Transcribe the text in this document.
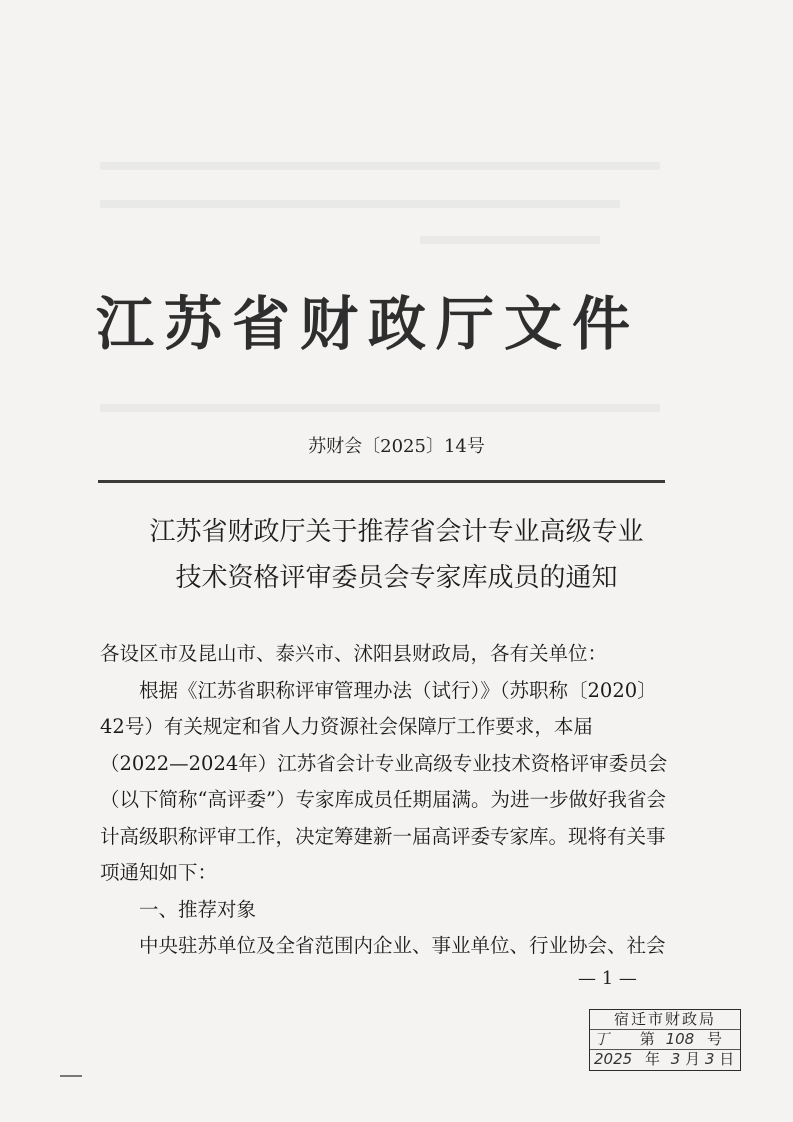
江苏省财政厅文件
苏财会〔2025〕14号
江苏省财政厅关于推荐省会计专业高级专业
技术资格评审委员会专家库成员的通知
各设区市及昆山市、泰兴市、沭阳县财政局，各有关单位：
根据《江苏省职称评审管理办法（试行）》（苏职称〔2020〕
42号）有关规定和省人力资源社会保障厅工作要求，本届
（2022—2024年）江苏省会计专业高级专业技术资格评审委员会
（以下简称“高评委”）专家库成员任期届满。为进一步做好我省会
计高级职称评审工作，决定筹建新一届高评委专家库。现将有关事
项通知如下：
一、推荐对象
中央驻苏单位及全省范围内企业、事业单位、行业协会、社会
— 1 —
宿迁市财政局
丁 第 108 号
2025 年 3 月 3 日
